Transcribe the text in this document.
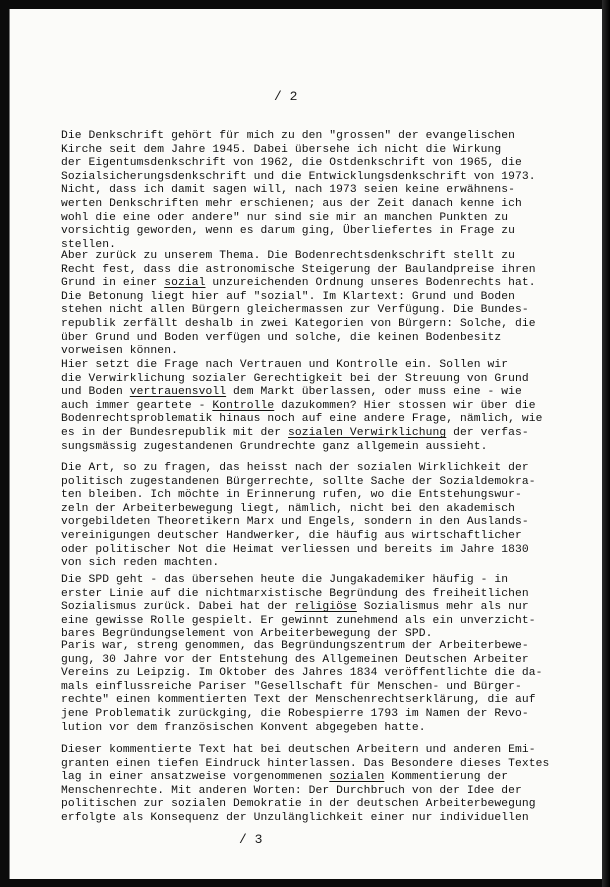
/ 2

Die Denkschrift gehört für mich zu den "grossen" der evangelischen
Kirche seit dem Jahre 1945. Dabei übersehe ich nicht die Wirkung
der Eigentumsdenkschrift von 1962, die Ostdenkschrift von 1965, die
Sozialsicherungsdenkschrift und die Entwicklungsdenkschrift von 1973.
Nicht, dass ich damit sagen will, nach 1973 seien keine erwähnens-
werten Denkschriften mehr erschienen; aus der Zeit danach kenne ich
wohl die eine oder andere" nur sind sie mir an manchen Punkten zu
vorsichtig geworden, wenn es darum ging, Überliefertes in Frage zu
stellen.

Aber zurück zu unserem Thema. Die Bodenrechtsdenkschrift stellt zu
Recht fest, dass die astronomische Steigerung der Baulandpreise ihren
Grund in einer sozial unzureichenden Ordnung unseres Bodenrechts hat.
Die Betonung liegt hier auf "sozial". Im Klartext: Grund und Boden
stehen nicht allen Bürgern gleichermassen zur Verfügung. Die Bundes-
republik zerfällt deshalb in zwei Kategorien von Bürgern: Solche, die
über Grund und Boden verfügen und solche, die keinen Bodenbesitz
vorweisen können.

Hier setzt die Frage nach Vertrauen und Kontrolle ein. Sollen wir
die Verwirklichung sozialer Gerechtigkeit bei der Streuung von Grund
und Boden vertrauensvoll dem Markt überlassen, oder muss eine - wie
auch immer geartete - Kontrolle dazukommen? Hier stossen wir über die
Bodenrechtsproblematik hinaus noch auf eine andere Frage, nämlich, wie
es in der Bundesrepublik mit der sozialen Verwirklichung der verfas-
sungsmässig zugestandenen Grundrechte ganz allgemein aussieht.

Die Art, so zu fragen, das heisst nach der sozialen Wirklichkeit der
politisch zugestandenen Bürgerrechte, sollte Sache der Sozialdemokra-
ten bleiben. Ich möchte in Erinnerung rufen, wo die Entstehungswur-
zeln der Arbeiterbewegung liegt, nämlich, nicht bei den akademisch
vorgebildeten Theoretikern Marx und Engels, sondern in den Auslands-
vereinigungen deutscher Handwerker, die häufig aus wirtschaftlicher
oder politischer Not die Heimat verliessen und bereits im Jahre 1830
von sich reden machten.

Die SPD geht - das übersehen heute die Jungakademiker häufig - in
erster Linie auf die nichtmarxistische Begründung des freiheitlichen
Sozialismus zurück. Dabei hat der religiöse Sozialismus mehr als nur
eine gewisse Rolle gespielt. Er gewinnt zunehmend als ein unverzicht-
bares Begründungselement von Arbeiterbewegung der SPD.

Paris war, streng genommen, das Begründungszentrum der Arbeiterbewe-
gung, 30 Jahre vor der Entstehung des Allgemeinen Deutschen Arbeiter
Vereins zu Leipzig. Im Oktober des Jahres 1834 veröffentlichte die da-
mals einflussreiche Pariser "Gesellschaft für Menschen- und Bürger-
rechte" einen kommentierten Text der Menschenrechtserklärung, die auf
jene Problematik zurückging, die Robespierre 1793 im Namen der Revo-
lution vor dem französischen Konvent abgegeben hatte.

Dieser kommentierte Text hat bei deutschen Arbeitern und anderen Emi-
granten einen tiefen Eindruck hinterlassen. Das Besondere dieses Textes
lag in einer ansatzweise vorgenommenen sozialen Kommentierung der
Menschenrechte. Mit anderen Worten: Der Durchbruch von der Idee der
politischen zur sozialen Demokratie in der deutschen Arbeiterbewegung
erfolgte als Konsequenz der Unzulänglichkeit einer nur individuellen

/ 3
